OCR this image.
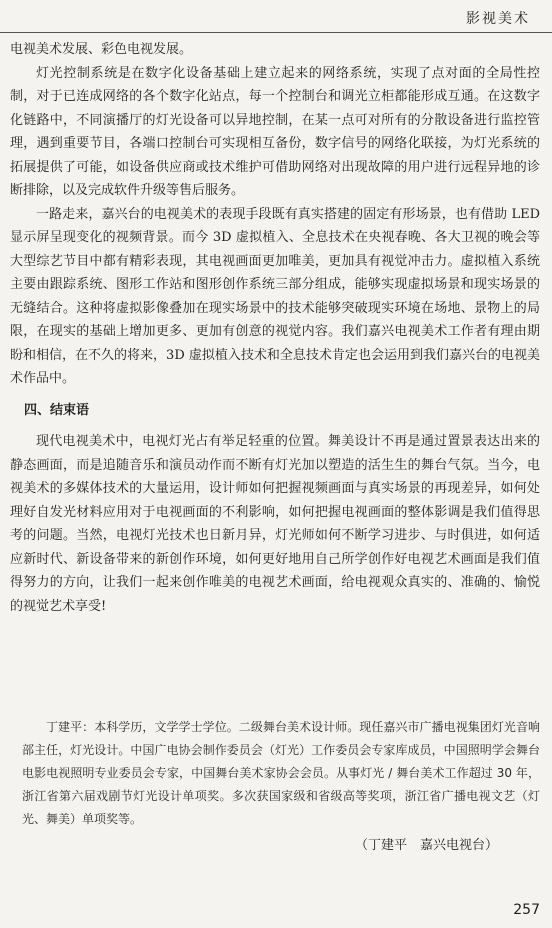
影视美术

电视美术发展、彩色电视发展。

灯光控制系统是在数字化设备基础上建立起来的网络系统，实现了点对面的全局性控制，对于已连成网络的各个数字化站点，每一个控制台和调光立柜都能形成互通。在这数字化链路中，不同演播厅的灯光设备可以异地控制，在某一点可对所有的分散设备进行监控管理，遇到重要节目，各端口控制台可实现相互备份，数字信号的网络化联接，为灯光系统的拓展提供了可能，如设备供应商或技术维护可借助网络对出现故障的用户进行远程异地的诊断排除，以及完成软件升级等售后服务。

一路走来，嘉兴台的电视美术的表现手段既有真实搭建的固定有形场景，也有借助 LED 显示屏呈现变化的视频背景。而今 3D 虚拟植入、全息技术在央视春晚、各大卫视的晚会等大型综艺节目中都有精彩表现，其电视画面更加唯美，更加具有视觉冲击力。虚拟植入系统主要由跟踪系统、图形工作站和图形创作系统三部分组成，能够实现虚拟场景和现实场景的无缝结合。这种将虚拟影像叠加在现实场景中的技术能够突破现实环境在场地、景物上的局限，在现实的基础上增加更多、更加有创意的视觉内容。我们嘉兴电视美术工作者有理由期盼和相信，在不久的将来，3D 虚拟植入技术和全息技术肯定也会运用到我们嘉兴台的电视美术作品中。

四、结束语

现代电视美术中，电视灯光占有举足轻重的位置。舞美设计不再是通过置景表达出来的静态画面，而是追随音乐和演员动作而不断有灯光加以塑造的活生生的舞台气氛。当今，电视美术的多媒体技术的大量运用，设计师如何把握视频画面与真实场景的再现差异，如何处理好自发光材料应用对于电视画面的不利影响，如何把握电视画面的整体影调是我们值得思考的问题。当然，电视灯光技术也日新月异，灯光师如何不断学习进步、与时俱进，如何适应新时代、新设备带来的新创作环境，如何更好地用自己所学创作好电视艺术画面是我们值得努力的方向，让我们一起来创作唯美的电视艺术画面，给电视观众真实的、准确的、愉悦的视觉艺术享受!

丁建平：本科学历，文学学士学位。二级舞台美术设计师。现任嘉兴市广播电视集团灯光音响部主任，灯光设计。中国广电协会制作委员会（灯光）工作委员会专家库成员，中国照明学会舞台电影电视照明专业委员会专家，中国舞台美术家协会会员。从事灯光 / 舞台美术工作超过 30 年，浙江省第六届戏剧节灯光设计单项奖。多次获国家级和省级高等奖项，浙江省广播电视文艺（灯光、舞美）单项奖等。

（丁建平　嘉兴电视台）
257
